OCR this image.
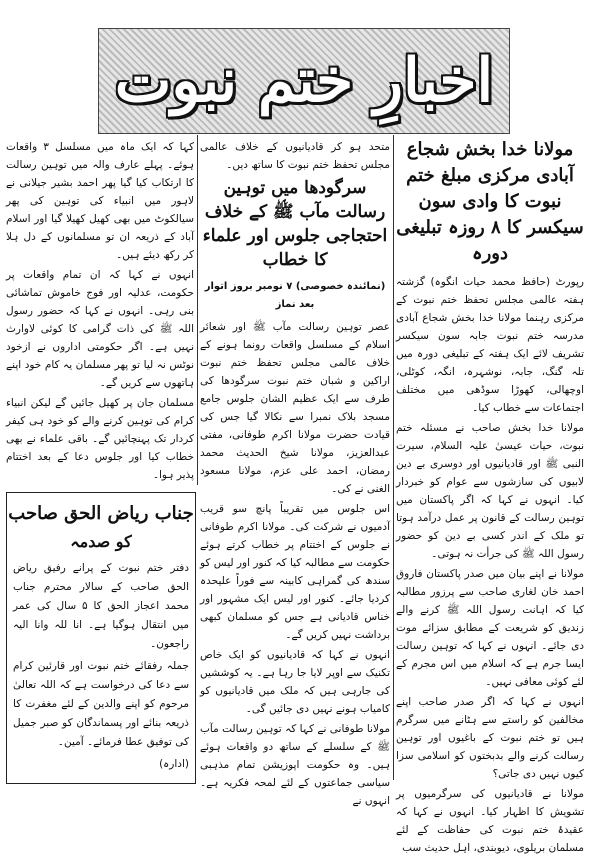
اخبارِ ختم نبوت
مولانا خدا بخش شجاع آبادی مرکزی مبلغ ختم نبوت کا وادی سون سیکسر کا ۸ روزہ تبلیغی دورہ

رپورٹ (حافظ محمد حیات انگوہ) گزشتہ ہفتہ عالمی مجلس تحفظ ختم نبوت کے مرکزی رہنما مولانا خدا بخش شجاع آبادی مدرسہ ختم نبوت جابہ سون سیکسر تشریف لائے ایک ہفتہ کے تبلیغی دورہ میں تلہ گنگ، جابہ، نوشہرہ، انگہ، کوٹلی، اوچھالی، کھوڑا سوڈھی میں مختلف اجتماعات سے خطاب کیا۔

مولانا خدا بخش صاحب نے مسئلہ ختم نبوت، حیات عیسیٰ علیہ السلام، سیرت النبی ﷺ اور قادیانیوں اور دوسری بے دین لابیوں کی سازشوں سے عوام کو خبردار کیا۔ انہوں نے کہا کہ اگر پاکستان میں توہین رسالت کے قانون پر عمل درآمد ہوتا تو ملک کے اندر کسی بے دین کو حضور رسول اللہ ﷺ کی جرأت نہ ہوتی۔

مولانا نے اپنے بیان میں صدر پاکستان فاروق احمد خان لغاری صاحب سے پرزور مطالبہ کیا کہ اہانت رسول اللہ ﷺ کرنے والے زندیق کو شریعت کے مطابق سزائے موت دی جائے۔ انہوں نے کہا کہ توہین رسالت ایسا جرم ہے کہ اسلام میں اس مجرم کے لئے کوئی معافی نہیں۔

انہوں نے کہا کہ اگر صدر صاحب اپنے مخالفین کو راستے سے ہٹانے میں سرگرم ہیں تو ختم نبوت کے باغیوں اور توہین رسالت کرنے والے بدبختوں کو اسلامی سزا کیوں نہیں دی جاتی؟

مولانا نے قادیانیوں کی سرگرمیوں پر تشویش کا اظہار کیا۔ انہوں نے کہا کہ عقیدۂ ختم نبوت کی حفاظت کے لئے مسلمان بریلوی، دیوبندی، اہل حدیث سب

متحد ہو کر قادیانیوں کے خلاف عالمی مجلس تحفظ ختم نبوت کا ساتھ دیں۔

سرگودھا میں توہین رسالت مآب ﷺ کے خلاف احتجاجی جلوس اور علماء کا خطاب
(نمائندہ خصوصی) ۷ نومبر بروز اتوار بعد نماز

عصر توہین رسالت مآب ﷺ اور شعائر اسلام کے مسلسل واقعات رونما ہونے کے خلاف عالمی مجلس تحفظ ختم نبوت اراکین و شبان ختم نبوت سرگودھا کی طرف سے ایک عظیم الشان جلوس جامع مسجد بلاک نمبرا سے نکالا گیا جس کی قیادت حضرت مولانا اکرم طوفانی، مفتی عبدالعزیز، مولانا شیخ الحدیث محمد رمضان، احمد علی عزم، مولانا مسعود الغنی نے کی۔

اس جلوس میں تقریباً پانچ سو قریب آدمیوں نے شرکت کی۔ مولانا اکرم طوفانی نے جلوس کے اختتام پر خطاب کرتے ہوئے حکومت سے مطالبہ کیا کہ کنور اور لیس کو سندھ کی گمراہی کابینہ سے فوراً علیحدہ کردیا جائے۔ کنور اور لیس ایک مشہور اور خناس قادیانی ہے جس کو مسلمان کبھی برداشت نہیں کریں گے۔

انہوں نے کہا کہ قادیانیوں کو ایک خاص تکنیک سے اوپر لایا جا رہا ہے۔ یہ کوششیں کی جارہی ہیں کہ ملک میں قادیانیوں کو کامیاب ہونے نہیں دی جائیں گی۔

مولانا طوفانی نے کہا کہ توہین رسالت مآب ﷺ کے سلسلے کے ساتھ دو واقعات ہوئے ہیں۔ وہ حکومت اپوزیشن تمام مذہبی سیاسی جماعتوں کے لئے لمحہ فکریہ ہے۔ انہوں نے

کہا کہ ایک ماہ میں مسلسل ۳ واقعات ہوئے۔ پہلے عارف والہ میں توہین رسالت کا ارتکاب کیا گیا پھر احمد بشیر جیلانی نے لاہور میں انبیاء کی توہین کی پھر سیالکوٹ میں بھی کھیل کھیلا گیا اور اسلام آباد کے ذریعہ ان تو مسلمانوں کے دل ہلا کر رکھ دیئے ہیں۔

انہوں نے کہا کہ ان تمام واقعات پر حکومت، عدلیہ اور فوج خاموش تماشائی بنی رہی۔ انہوں نے کہا کہ حضور رسول اللہ ﷺ کی ذات گرامی کا کوئی لاوارث نہیں ہے۔ اگر حکومتی اداروں نے ازخود نوٹس نہ لیا تو پھر مسلمان یہ کام خود اپنے ہاتھوں سے کریں گے۔

مسلمان جان پر کھیل جائیں گے لیکن انبیاء کرام کی توہین کرنے والے کو خود ہی کیفر کردار تک پہنچائیں گے۔ باقی علماء نے بھی خطاب کیا اور جلوس دعا کے بعد اختتام پذیر ہوا۔

جناب ریاض الحق صاحب
کو صدمہ

دفتر ختم نبوت کے پرانے رفیق ریاض الحق صاحب کے سالار محترم جناب محمد اعجاز الحق کا ۵ سال کی عمر میں انتقال ہوگیا ہے۔ انا للہ وانا الیہ راجعون۔

جملہ رفقائے ختم نبوت اور قارئین کرام سے دعا کی درخواست ہے کہ اللہ تعالیٰ مرحوم کو اپنے والدین کے لئے مغفرت کا ذریعہ بنائے اور پسماندگان کو صبر جمیل کی توفیق عطا فرمائے۔ آمین۔

(ادارہ)
